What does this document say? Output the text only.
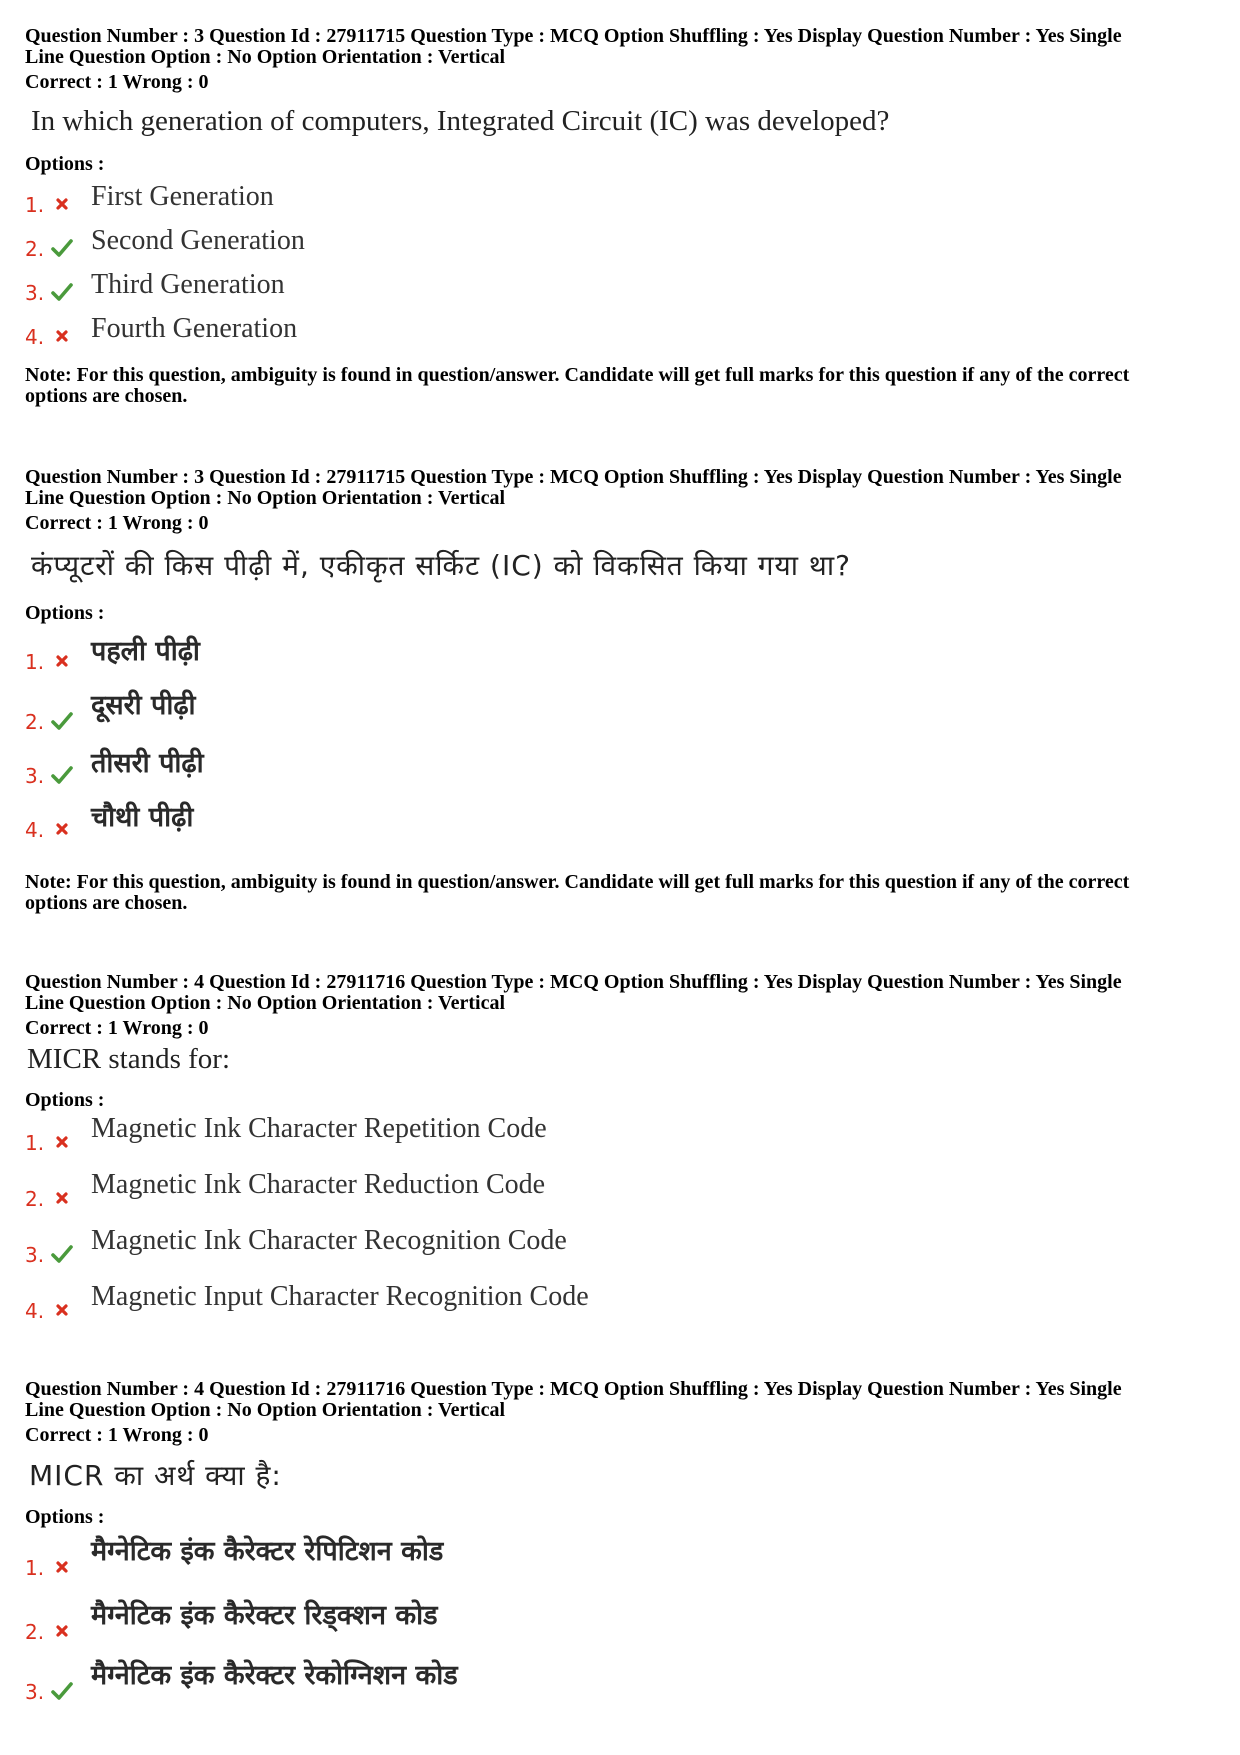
Question Number : 3 Question Id : 27911715 Question Type : MCQ Option Shuffling : Yes Display Question Number : Yes Single

Line Question Option : No Option Orientation : Vertical

Correct : 1 Wrong : 0
In which generation of computers, Integrated Circuit (IC) was developed?
Options :
1. First Generation
2. Second Generation
3. Third Generation
4. Fourth Generation
Note: For this question, ambiguity is found in question/answer. Candidate will get full marks for this question if any of the correct
options are chosen.

Question Number : 3 Question Id : 27911715 Question Type : MCQ Option Shuffling : Yes Display Question Number : Yes Single

Line Question Option : No Option Orientation : Vertical

Correct : 1 Wrong : 0
कंप्यूटरों की किस पीढ़ी में, एकीकृत सर्किट (IC) को विकसित किया गया था?
Options :
1. पहली पीढ़ी
2.
दूसरी पीढ़ी
3. तीसरी पीढ़ी
4. चौथी पीढ़ी
Note: For this question, ambiguity is found in question/answer. Candidate will get full marks for this question if any of the correct
options are chosen.

Question Number : 4 Question Id : 27911716 Question Type : MCQ Option Shuffling : Yes Display Question Number : Yes Single

Line Question Option : No Option Orientation : Vertical

Correct : 1 Wrong : 0
MICR stands for:
Options :
1. Magnetic Ink Character Repetition Code
2. Magnetic Ink Character Reduction Code
3. Magnetic Ink Character Recognition Code
4. Magnetic Input Character Recognition Code

Question Number : 4 Question Id : 27911716 Question Type : MCQ Option Shuffling : Yes Display Question Number : Yes Single

Line Question Option : No Option Orientation : Vertical

Correct : 1 Wrong : 0
MICR का अर्थ क्या है:
Options :
1.
मैग्नेटिक इंक कैरेक्टर रेपिटिशन कोड
2.
मैग्नेटिक इंक कैरेक्टर रिड्क्शन कोड
3.
मैग्नेटिक इंक कैरेक्टर रेकोग्निशन कोड
